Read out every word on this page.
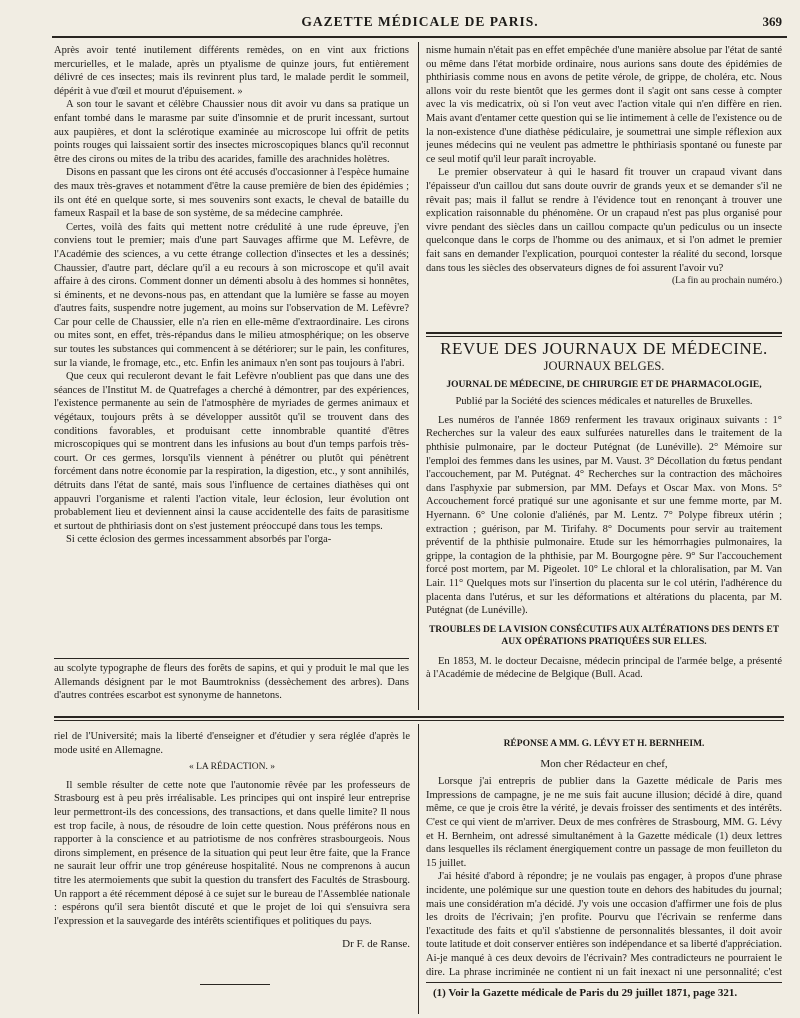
GAZETTE MÉDICALE DE PARIS.	369

Après avoir tenté inutilement différents remèdes, on en vint aux frictions mercurielles, et le malade, après un ptyalisme de quinze jours, fut entièrement délivré de ces insectes; mais ils revinrent plus tard, le malade perdit le sommeil, dépérit à vue d'œil et mourut d'épuisement. »

A son tour le savant et célèbre Chaussier nous dit avoir vu dans sa pratique un enfant tombé dans le marasme par suite d'insomnie et de prurit incessant, surtout aux paupières, et dont la sclérotique examinée au microscope lui offrit de petits points rouges qui laissaient sortir des insectes microscopiques blancs qu'il reconnut être des cirons ou mites de la tribu des acarides, famille des arachnides holètres.

Disons en passant que les cirons ont été accusés d'occasionner à l'espèce humaine des maux très-graves et notamment d'être la cause première de bien des épidémies ; ils ont été en quelque sorte, si mes souvenirs sont exacts, le cheval de bataille du fameux Raspail et la base de son système, de sa médecine camphrée.

Certes, voilà des faits qui mettent notre crédulité à une rude épreuve, j'en conviens tout le premier; mais d'une part Sauvages affirme que M. Lefèvre, de l'Académie des sciences, a vu cette étrange collection d'insectes et les a dessinés; Chaussier, d'autre part, déclare qu'il a eu recours à son microscope et qu'il avait affaire à des cirons. Comment donner un démenti absolu à des hommes si honnêtes, si éminents, et ne devons-nous pas, en attendant que la lumière se fasse au moyen d'autres faits, suspendre notre jugement, au moins sur l'observation de M. Lefèvre? Car pour celle de Chaussier, elle n'a rien en elle-même d'extraordinaire. Les cirons ou mites sont, en effet, très-répandus dans le milieu atmosphérique; on les observe sur toutes les substances qui commencent à se détériorer; sur le pain, les confitures, sur la viande, le fromage, etc., etc. Enfin les animaux n'en sont pas toujours à l'abri.

Que ceux qui reculeront devant le fait Lefèvre n'oublient pas que dans une des séances de l'Institut M. de Quatrefages a cherché à démontrer, par des expériences, l'existence permanente au sein de l'atmosphère de myriades de germes animaux et végétaux, toujours prêts à se développer aussitôt qu'il se trouvent dans des conditions favorables, et produisant cette innombrable quantité d'êtres microscopiques qui se montrent dans les infusions au bout d'un temps parfois très-court. Or ces germes, lorsqu'ils viennent à pénétrer ou plutôt qui pénètrent forcément dans notre économie par la respiration, la digestion, etc., y sont annihilés, détruits dans l'état de santé, mais sous l'influence de certaines diathèses qui ont appauvri l'organisme et ralenti l'action vitale, leur éclosion, leur évolution ont probablement lieu et deviennent ainsi la cause accidentelle des faits de parasitisme et surtout de phthiriasis dont on s'est justement préoccupé dans tous les temps.

Si cette éclosion des germes incessamment absorbés par l'orga-

au scolyte typographe de fleurs des forêts de sapins, et qui y produit le mal que les Allemands désignent par le mot Baumtrokniss (dessèchement des arbres). Dans d'autres contrées escarbot est synonyme de hannetons.

nisme humain n'était pas en effet empêchée d'une manière absolue par l'état de santé ou même dans l'état morbide ordinaire, nous aurions sans doute des épidémies de phthiriasis comme nous en avons de petite vérole, de grippe, de choléra, etc. Nous allons voir du reste bientôt que les germes dont il s'agit ont sans cesse à compter avec la vis medicatrix, où si l'on veut avec l'action vitale qui n'en diffère en rien. Mais avant d'entamer cette question qui se lie intimement à celle de l'existence ou de la non-existence d'une diathèse pédiculaire, je soumettrai une simple réflexion aux jeunes médecins qui ne veulent pas admettre le phthiriasis spontané ou funeste par ce seul motif qu'il leur paraît incroyable.

Le premier observateur à qui le hasard fit trouver un crapaud vivant dans l'épaisseur d'un caillou dut sans doute ouvrir de grands yeux et se demander s'il ne rêvait pas; mais il fallut se rendre à l'évidence tout en renonçant à trouver une explication raisonnable du phénomène. Or un crapaud n'est pas plus organisé pour vivre pendant des siècles dans un caillou compacte qu'un pediculus ou un insecte quelconque dans le corps de l'homme ou des animaux, et si l'on admet le premier fait sans en demander l'explication, pourquoi contester la réalité du second, lorsque dans tous les siècles des observateurs dignes de foi assurent l'avoir vu?

(La fin au prochain numéro.)

REVUE DES JOURNAUX DE MÉDECINE.
JOURNAUX BELGES.
JOURNAL DE MÉDECINE, DE CHIRURGIE ET DE PHARMACOLOGIE,
Publié par la Société des sciences médicales et naturelles de Bruxelles.

Les numéros de l'année 1869 renferment les travaux originaux suivants : 1° Recherches sur la valeur des eaux sulfurées naturelles dans le traitement de la phthisie pulmonaire, par le docteur Putégnat (de Lunéville). 2° Mémoire sur l'emploi des femmes dans les usines, par M. Vaust. 3° Décollation du fœtus pendant l'accouchement, par M. Putégnat. 4° Recherches sur la contraction des mâchoires dans l'asphyxie par submersion, par MM. Defays et Oscar Max. von Mons. 5° Accouchement forcé pratiqué sur une agonisante et sur une femme morte, par M. Hyernann. 6° Une colonie d'aliénés, par M. Lentz. 7° Polype fibreux utérin ; extraction ; guérison, par M. Tirifahy. 8° Documents pour servir au traitement préventif de la phthisie pulmonaire. Etude sur les hémorrhagies pulmonaires, la grippe, la contagion de la phthisie, par M. Bourgogne père. 9° Sur l'accouchement forcé post mortem, par M. Pigeolet. 10° Le chloral et la chloralisation, par M. Van Lair. 11° Quelques mots sur l'insertion du placenta sur le col utérin, l'adhérence du placenta dans l'utérus, et sur les déformations et altérations du placenta, par M. Putégnat (de Lunéville).

TROUBLES DE LA VISION CONSÉCUTIFS AUX ALTÉRATIONS DES DENTS ET AUX OPÉRATIONS PRATIQUÉES SUR ELLES.

En 1853, M. le docteur Decaisne, médecin principal de l'armée belge, a présenté à l'Académie de médecine de Belgique (Bull. Acad.

riel de l'Université; mais la liberté d'enseigner et d'étudier y sera réglée d'après le mode usité en Allemagne.

« LA RÉDACTION. »

Il semble résulter de cette note que l'autonomie rêvée par les professeurs de Strasbourg est à peu près irréalisable. Les principes qui ont inspiré leur entreprise leur permettront-ils des concessions, des transactions, et dans quelle limite? Il nous est trop facile, à nous, de résoudre de loin cette question. Nous préférons nous en rapporter à la conscience et au patriotisme de nos confrères strasbourgeois. Nous dirons simplement, en présence de la situation qui peut leur être faite, que la France ne saurait leur offrir une trop généreuse hospitalité. Nous ne comprenons à aucun titre les atermoiements que subit la question du transfert des Facultés de Strasbourg. Un rapport a été récemment déposé à ce sujet sur le bureau de l'Assemblée nationale : espérons qu'il sera bientôt discuté et que le projet de loi qui s'ensuivra sera l'expression et la sauvegarde des intérêts scientifiques et politiques du pays.

Dr F. de Ranse.
RÉPONSE A MM. G. LÉVY ET H. BERNHEIM.
Mon cher Rédacteur en chef,

Lorsque j'ai entrepris de publier dans la Gazette médicale de Paris mes Impressions de campagne, je ne me suis fait aucune illusion; décidé à dire, quand même, ce que je crois être la vérité, je devais froisser des sentiments et des intérêts. C'est ce qui vient de m'arriver. Deux de mes confrères de Strasbourg, MM. G. Lévy et H. Bernheim, ont adressé simultanément à la Gazette médicale (1) deux lettres dans lesquelles ils réclament énergiquement contre un passage de mon feuilleton du 15 juillet.

J'ai hésité d'abord à répondre; je ne voulais pas engager, à propos d'une phrase incidente, une polémique sur une question toute en dehors des habitudes du journal; mais une considération m'a décidé. J'y vois une occasion d'affirmer une fois de plus les droits de l'écrivain; j'en profite. Pourvu que l'écrivain se renferme dans l'exactitude des faits et qu'il s'abstienne de personnalités blessantes, il doit avoir toute latitude et doit conserver entières son indépendance et sa liberté d'appréciation. Ai-je manqué à ces deux devoirs de l'écrivain? Mes contradicteurs ne pourraient le dire. La phrase incriminée ne contient ni un fait inexact ni une personnalité; c'est

(1) Voir la Gazette médicale de Paris du 29 juillet 1871, page 321.
